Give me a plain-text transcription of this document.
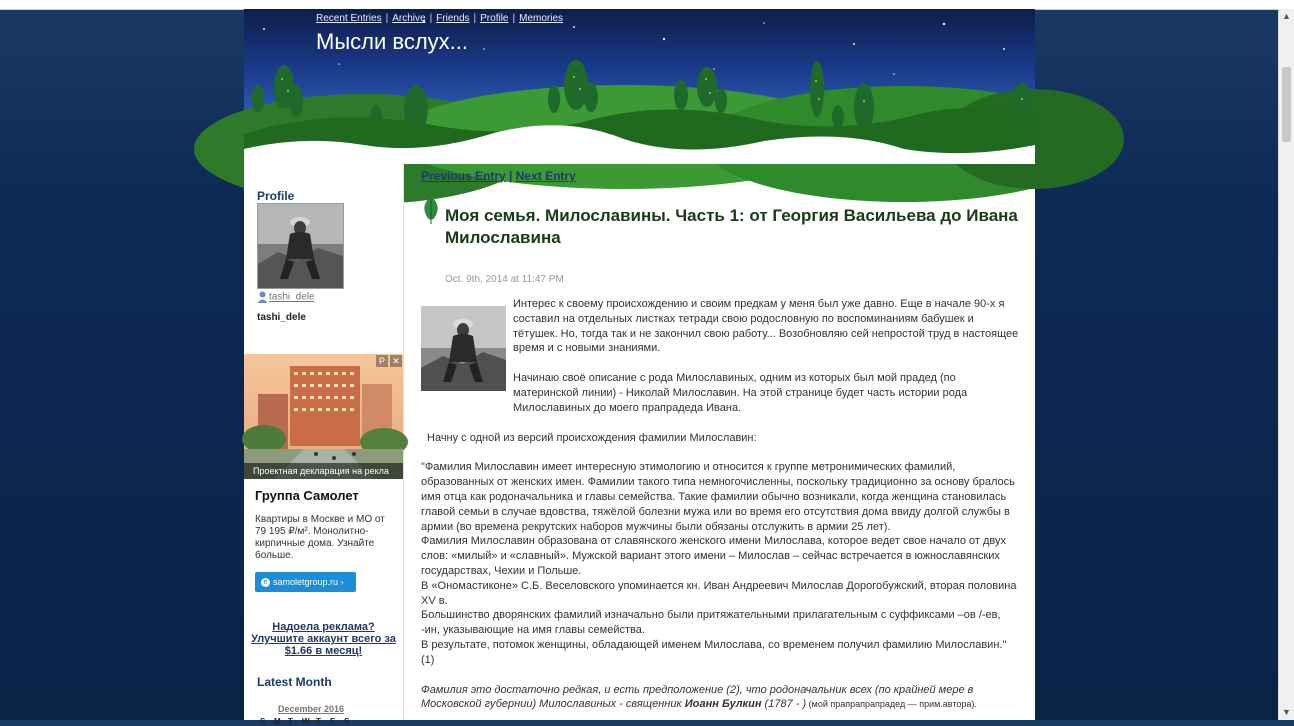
Recent Entries | Archive | Friends | Profile | Memories
Мысли вслух...
Profile
tashi_dele
tashi_dele
Проектная декларация на рекла
P ✕
Группа Самолет
Квартиры в Москве и МО от 79 195 ₽/м². Монолитно-кирпичные дома. Узнайте больше.
e samoletgroup.ru ›
Надоела реклама?
Улучшите аккаунт всего за
$1.66 в месяц!
Latest Month
December 2016
S M T W T F S
Previous Entry | Next Entry
Моя семья. Милославины. Часть 1: от Георгия Васильева до Ивана Милославина
Oct. 9th, 2014 at 11:47 PM

Интерес к своему происхождению и своим предкам у меня был уже давно. Еще в начале 90-х я составил на отдельных листках тетради свою родословную по воспоминаниям бабушек и тётушек. Но, тогда так и не закончил свою работу... Возобновляю сей непростой труд в настоящее время и с новыми знаниями.

Начинаю своё описание с рода Милославиных, одним из которых был мой прадед (по материнской линии) - Николай Милославин. На этой странице будет часть истории рода Милославиных до моего прапрадеда Ивана.

Начну с одной из версий происхождения фамилии Милославин:

"Фамилия Милославин имеет интересную этимологию и относится к группе метронимических фамилий, образованных от женских имен. Фамилии такого типа немногочисленны, поскольку традиционно за основу бралось имя отца как родоначальника и главы семейства. Такие фамилии обычно возникали, когда женщина становилась главой семьи в случае вдовства, тяжёлой болезни мужа или во время его отсутствия дома ввиду долгой службы в армии (во времена рекрутских наборов мужчины были обязаны отслужить в армии 25 лет).

Фамилия Милославин образована от славянского женского имени Милослава, которое ведет свое начало от двух слов: «милый» и «славный». Мужской вариант этого имени – Милослав – сейчас встречается в южнославянских государствах, Чехии и Польше.

В «Ономастиконе» С.Б. Веселовского упоминается кн. Иван Андреевич Милослав Дорогобужский, вторая половина XV в.

Большинство дворянских фамилий изначально были притяжательными прилагательным с суффиксами –ов /-ев, -ин, указывающие на имя главы семейства.

В результате, потомок женщины, обладающей именем Милослава, со временем получил фамилию Милославин." (1)

Фамилия это достаточно редкая, и есть предположение (2), что родоначальник всех (по крайней мере в Московской губернии) Милославиных - священник Иоанн Булкин (1787 - ) (мой прапрапрапрадед — прим.автора).

▲
▼
